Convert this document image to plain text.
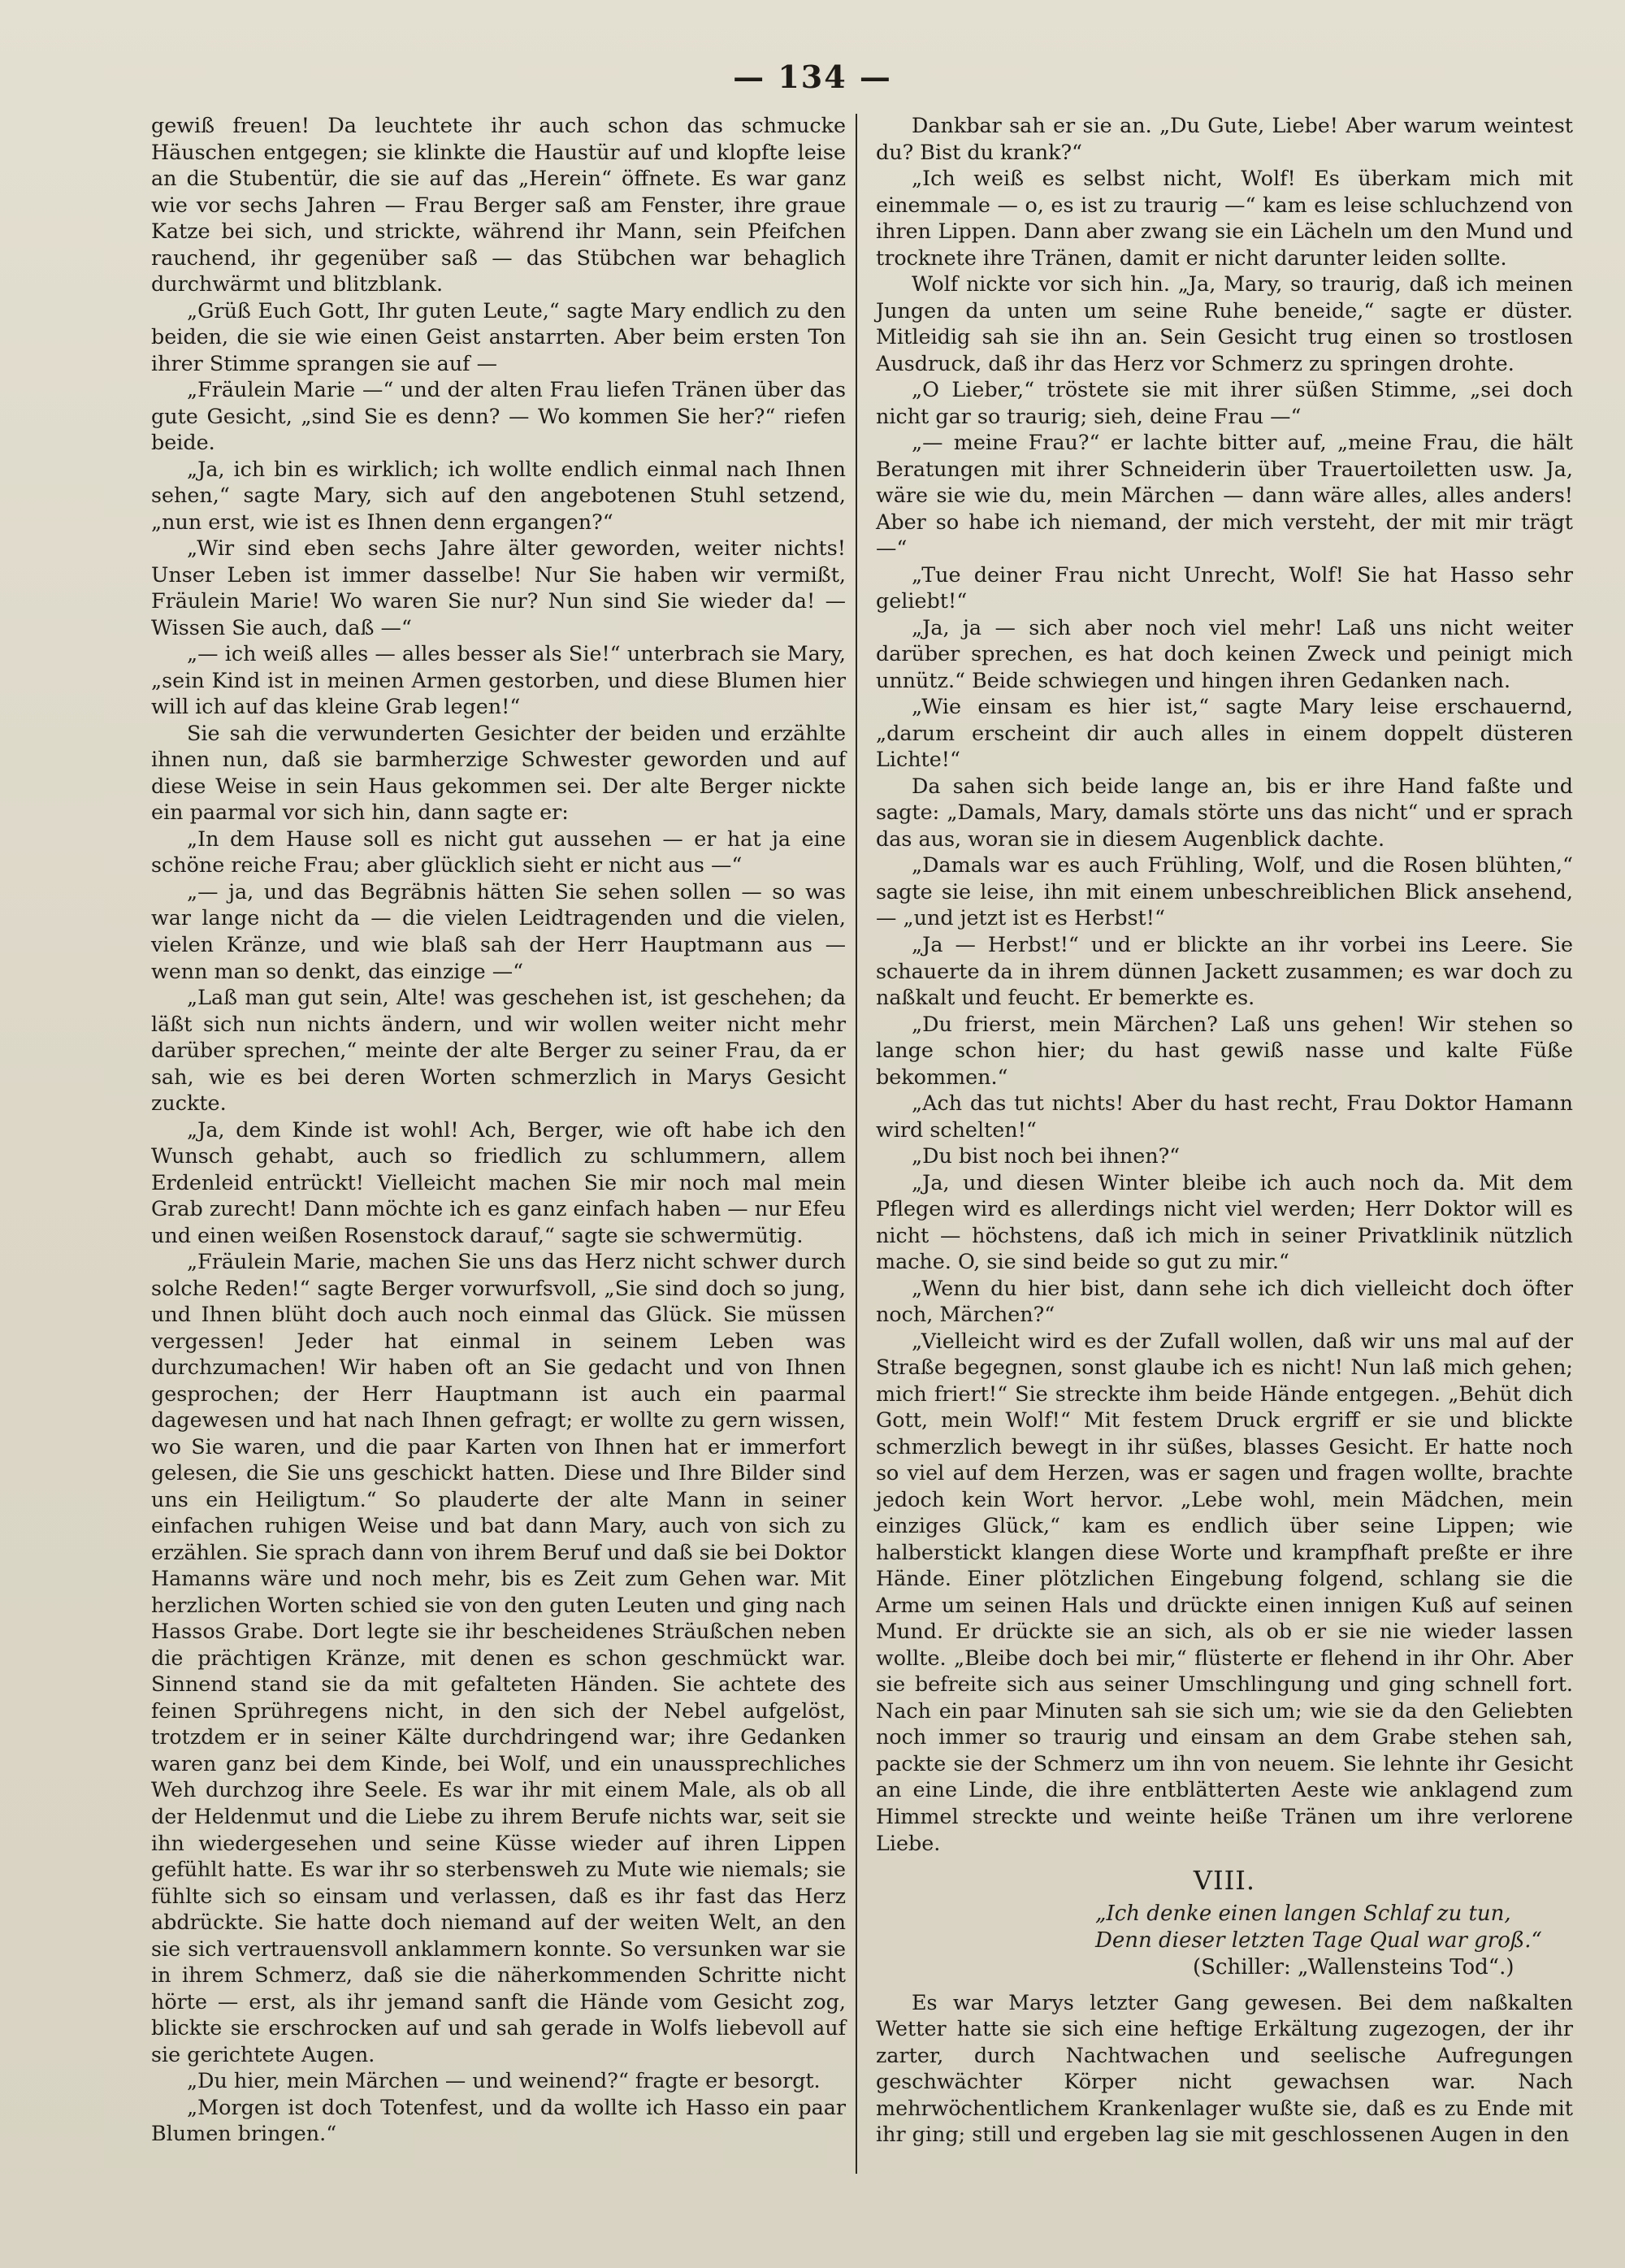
— 134 —

gewiß freuen! Da leuchtete ihr auch schon das schmucke Häuschen entgegen; sie klinkte die Haustür auf und klopfte leise an die Stubentür, die sie auf das „Herein“ öffnete. Es war ganz wie vor sechs Jahren — Frau Berger saß am Fenster, ihre graue Katze bei sich, und strickte, während ihr Mann, sein Pfeifchen rauchend, ihr gegenüber saß — das Stübchen war behaglich durchwärmt und blitzblank.

„Grüß Euch Gott, Ihr guten Leute,“ sagte Mary endlich zu den beiden, die sie wie einen Geist anstarrten. Aber beim ersten Ton ihrer Stimme sprangen sie auf —

„Fräulein Marie —“ und der alten Frau liefen Tränen über das gute Gesicht, „sind Sie es denn? — Wo kommen Sie her?“ riefen beide.

„Ja, ich bin es wirklich; ich wollte endlich einmal nach Ihnen sehen,“ sagte Mary, sich auf den angebotenen Stuhl setzend, „nun erst, wie ist es Ihnen denn ergangen?“

„Wir sind eben sechs Jahre älter geworden, weiter nichts! Unser Leben ist immer dasselbe! Nur Sie haben wir vermißt, Fräulein Marie! Wo waren Sie nur? Nun sind Sie wieder da! — Wissen Sie auch, daß —“

„— ich weiß alles — alles besser als Sie!“ unterbrach sie Mary, „sein Kind ist in meinen Armen gestorben, und diese Blumen hier will ich auf das kleine Grab legen!“

Sie sah die verwunderten Gesichter der beiden und erzählte ihnen nun, daß sie barmherzige Schwester geworden und auf diese Weise in sein Haus gekommen sei. Der alte Berger nickte ein paarmal vor sich hin, dann sagte er:

„In dem Hause soll es nicht gut aussehen — er hat ja eine schöne reiche Frau; aber glücklich sieht er nicht aus —“

„— ja, und das Begräbnis hätten Sie sehen sollen — so was war lange nicht da — die vielen Leidtragenden und die vielen, vielen Kränze, und wie blaß sah der Herr Hauptmann aus — wenn man so denkt, das einzige —“

„Laß man gut sein, Alte! was geschehen ist, ist geschehen; da läßt sich nun nichts ändern, und wir wollen weiter nicht mehr darüber sprechen,“ meinte der alte Berger zu seiner Frau, da er sah, wie es bei deren Worten schmerzlich in Marys Gesicht zuckte.

„Ja, dem Kinde ist wohl! Ach, Berger, wie oft habe ich den Wunsch gehabt, auch so friedlich zu schlummern, allem Erdenleid entrückt! Vielleicht machen Sie mir noch mal mein Grab zurecht! Dann möchte ich es ganz einfach haben — nur Efeu und einen weißen Rosenstock darauf,“ sagte sie schwermütig.

„Fräulein Marie, machen Sie uns das Herz nicht schwer durch solche Reden!“ sagte Berger vorwurfsvoll, „Sie sind doch so jung, und Ihnen blüht doch auch noch einmal das Glück. Sie müssen vergessen! Jeder hat einmal in seinem Leben was durchzumachen! Wir haben oft an Sie gedacht und von Ihnen gesprochen; der Herr Hauptmann ist auch ein paarmal dagewesen und hat nach Ihnen gefragt; er wollte zu gern wissen, wo Sie waren, und die paar Karten von Ihnen hat er immerfort gelesen, die Sie uns geschickt hatten. Diese und Ihre Bilder sind uns ein Heiligtum.“ So plauderte der alte Mann in seiner einfachen ruhigen Weise und bat dann Mary, auch von sich zu erzählen. Sie sprach dann von ihrem Beruf und daß sie bei Doktor Hamanns wäre und noch mehr, bis es Zeit zum Gehen war. Mit herzlichen Worten schied sie von den guten Leuten und ging nach Hassos Grabe. Dort legte sie ihr bescheidenes Sträußchen neben die prächtigen Kränze, mit denen es schon geschmückt war. Sinnend stand sie da mit gefalteten Händen. Sie achtete des feinen Sprühregens nicht, in den sich der Nebel aufgelöst, trotzdem er in seiner Kälte durchdringend war; ihre Gedanken waren ganz bei dem Kinde, bei Wolf, und ein unaussprechliches Weh durchzog ihre Seele. Es war ihr mit einem Male, als ob all der Heldenmut und die Liebe zu ihrem Berufe nichts war, seit sie ihn wiedergesehen und seine Küsse wieder auf ihren Lippen gefühlt hatte. Es war ihr so sterbensweh zu Mute wie niemals; sie fühlte sich so einsam und verlassen, daß es ihr fast das Herz abdrückte. Sie hatte doch niemand auf der weiten Welt, an den sie sich vertrauensvoll anklammern konnte. So versunken war sie in ihrem Schmerz, daß sie die näherkommenden Schritte nicht hörte — erst, als ihr jemand sanft die Hände vom Gesicht zog, blickte sie erschrocken auf und sah gerade in Wolfs liebevoll auf sie gerichtete Augen.

„Du hier, mein Märchen — und weinend?“ fragte er besorgt.

„Morgen ist doch Totenfest, und da wollte ich Hasso ein paar Blumen bringen.“

Dankbar sah er sie an. „Du Gute, Liebe! Aber warum weintest du? Bist du krank?“

„Ich weiß es selbst nicht, Wolf! Es überkam mich mit einemmale — o, es ist zu traurig —“ kam es leise schluchzend von ihren Lippen. Dann aber zwang sie ein Lächeln um den Mund und trocknete ihre Tränen, damit er nicht darunter leiden sollte.

Wolf nickte vor sich hin. „Ja, Mary, so traurig, daß ich meinen Jungen da unten um seine Ruhe beneide,“ sagte er düster. Mitleidig sah sie ihn an. Sein Gesicht trug einen so trostlosen Ausdruck, daß ihr das Herz vor Schmerz zu springen drohte.

„O Lieber,“ tröstete sie mit ihrer süßen Stimme, „sei doch nicht gar so traurig; sieh, deine Frau —“

„— meine Frau?“ er lachte bitter auf, „meine Frau, die hält Beratungen mit ihrer Schneiderin über Trauertoiletten usw. Ja, wäre sie wie du, mein Märchen — dann wäre alles, alles anders! Aber so habe ich niemand, der mich versteht, der mit mir trägt —“

„Tue deiner Frau nicht Unrecht, Wolf! Sie hat Hasso sehr geliebt!“

„Ja, ja — sich aber noch viel mehr! Laß uns nicht weiter darüber sprechen, es hat doch keinen Zweck und peinigt mich unnütz.“ Beide schwiegen und hingen ihren Gedanken nach.

„Wie einsam es hier ist,“ sagte Mary leise erschauernd, „darum erscheint dir auch alles in einem doppelt düsteren Lichte!“

Da sahen sich beide lange an, bis er ihre Hand faßte und sagte: „Damals, Mary, damals störte uns das nicht“ und er sprach das aus, woran sie in diesem Augenblick dachte.

„Damals war es auch Frühling, Wolf, und die Rosen blühten,“ sagte sie leise, ihn mit einem unbeschreiblichen Blick ansehend, — „und jetzt ist es Herbst!“

„Ja — Herbst!“ und er blickte an ihr vorbei ins Leere. Sie schauerte da in ihrem dünnen Jackett zusammen; es war doch zu naßkalt und feucht. Er bemerkte es.

„Du frierst, mein Märchen? Laß uns gehen! Wir stehen so lange schon hier; du hast gewiß nasse und kalte Füße bekommen.“

„Ach das tut nichts! Aber du hast recht, Frau Doktor Hamann wird schelten!“

„Du bist noch bei ihnen?“

„Ja, und diesen Winter bleibe ich auch noch da. Mit dem Pflegen wird es allerdings nicht viel werden; Herr Doktor will es nicht — höchstens, daß ich mich in seiner Privatklinik nützlich mache. O, sie sind beide so gut zu mir.“

„Wenn du hier bist, dann sehe ich dich vielleicht doch öfter noch, Märchen?“

„Vielleicht wird es der Zufall wollen, daß wir uns mal auf der Straße begegnen, sonst glaube ich es nicht! Nun laß mich gehen; mich friert!“ Sie streckte ihm beide Hände entgegen. „Behüt dich Gott, mein Wolf!“ Mit festem Druck ergriff er sie und blickte schmerzlich bewegt in ihr süßes, blasses Gesicht. Er hatte noch so viel auf dem Herzen, was er sagen und fragen wollte, brachte jedoch kein Wort hervor. „Lebe wohl, mein Mädchen, mein einziges Glück,“ kam es endlich über seine Lippen; wie halberstickt klangen diese Worte und krampfhaft preßte er ihre Hände. Einer plötzlichen Eingebung folgend, schlang sie die Arme um seinen Hals und drückte einen innigen Kuß auf seinen Mund. Er drückte sie an sich, als ob er sie nie wieder lassen wollte. „Bleibe doch bei mir,“ flüsterte er flehend in ihr Ohr. Aber sie befreite sich aus seiner Umschlingung und ging schnell fort. Nach ein paar Minuten sah sie sich um; wie sie da den Geliebten noch immer so traurig und einsam an dem Grabe stehen sah, packte sie der Schmerz um ihn von neuem. Sie lehnte ihr Gesicht an eine Linde, die ihre entblätterten Aeste wie anklagend zum Himmel streckte und weinte heiße Tränen um ihre verlorene Liebe.

VIII.

„Ich denke einen langen Schlaf zu tun,
Denn dieser letzten Tage Qual war groß.“
(Schiller: „Wallensteins Tod“.)

Es war Marys letzter Gang gewesen. Bei dem naßkalten Wetter hatte sie sich eine heftige Erkältung zugezogen, der ihr zarter, durch Nachtwachen und seelische Aufregungen geschwächter Körper nicht gewachsen war. Nach mehrwöchentlichem Krankenlager wußte sie, daß es zu Ende mit ihr ging; still und ergeben lag sie mit geschlossenen Augen in den
